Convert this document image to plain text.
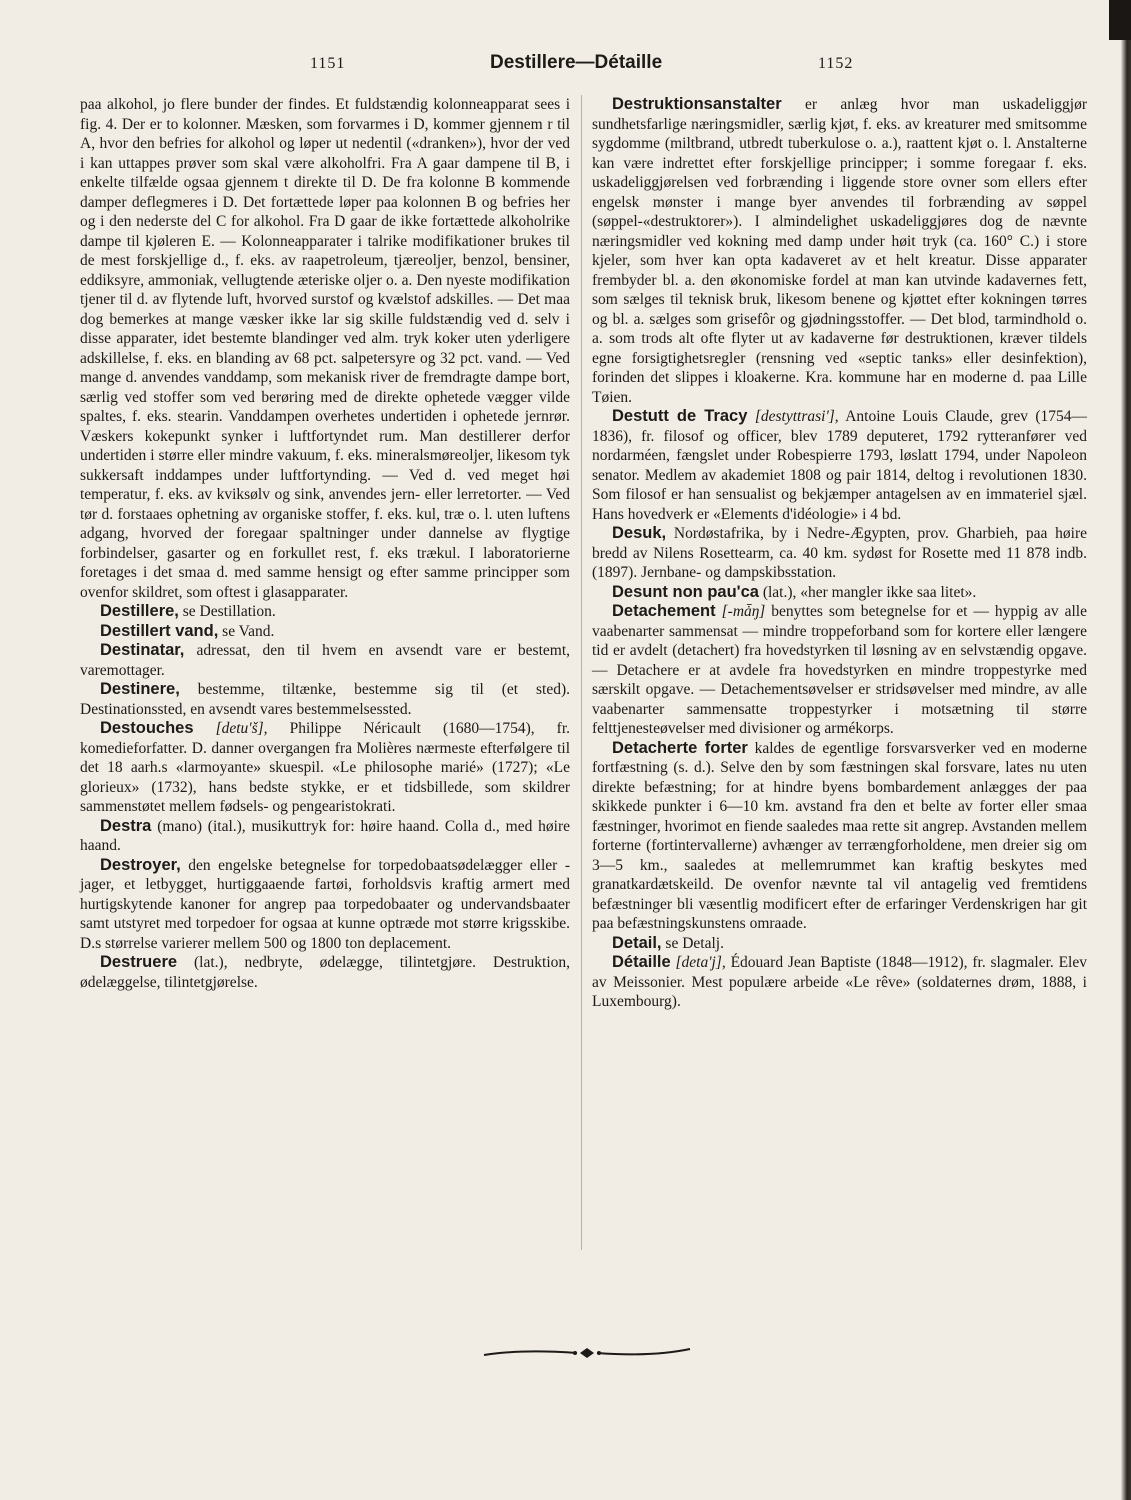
1151	Destillere—Détaille	1152

paa alkohol, jo flere bunder der findes. Et fuldstændig kolonneapparat sees i fig. 4. Der er to kolonner. Mæsken, som forvarmes i D, kommer gjennem r til A, hvor den befries for alkohol og løper ut nedentil («dranken»), hvor der ved i kan uttappes prøver som skal være alkoholfri. Fra A gaar dampene til B, i enkelte tilfælde ogsaa gjennem t direkte til D. De fra kolonne B kommende damper deflegmeres i D. Det fortættede løper paa kolonnen B og befries her og i den nederste del C for alkohol. Fra D gaar de ikke fortættede alkoholrike dampe til kjøleren E. — Kolonneapparater i talrike modifikationer brukes til de mest forskjellige d., f. eks. av raapetroleum, tjæreoljer, benzol, bensiner, eddiksyre, ammoniak, vellugtende æteriske oljer o. a. Den nyeste modifikation tjener til d. av flytende luft, hvorved surstof og kvælstof adskilles. — Det maa dog bemerkes at mange væsker ikke lar sig skille fuldstændig ved d. selv i disse apparater, idet bestemte blandinger ved alm. tryk koker uten yderligere adskillelse, f. eks. en blanding av 68 pct. salpetersyre og 32 pct. vand. — Ved mange d. anvendes vanddamp, som mekanisk river de fremdragte dampe bort, særlig ved stoffer som ved berøring med de direkte ophetede vægger vilde spaltes, f. eks. stearin. Vanddampen overhetes undertiden i ophetede jernrør. Væskers kokepunkt synker i luftfortyndet rum. Man destillerer derfor undertiden i større eller mindre vakuum, f. eks. mineralsmøreoljer, likesom tyk sukkersaft inddampes under luftfortynding. — Ved d. ved meget høi temperatur, f. eks. av kviksølv og sink, anvendes jern- eller lerretorter. — Ved tør d. forstaaes ophetning av organiske stoffer, f. eks. kul, træ o. l. uten luftens adgang, hvorved der foregaar spaltninger under dannelse av flygtige forbindelser, gasarter og en forkullet rest, f. eks trækul. I laboratorierne foretages i det smaa d. med samme hensigt og efter samme principper som ovenfor skildret, som oftest i glasapparater.

Destillere, se Destillation.

Destillert vand, se Vand.

Destinatar, adressat, den til hvem en avsendt vare er bestemt, varemottager.

Destinere, bestemme, tiltænke, bestemme sig til (et sted). Destinationssted, en avsendt vares bestemmelsessted.

Destouches [detu'š], Philippe Néricault (1680—1754), fr. komedieforfatter. D. danner overgangen fra Molières nærmeste efterfølgere til det 18 aarh.s «larmoyante» skuespil. «Le philosophe marié» (1727); «Le glorieux» (1732), hans bedste stykke, er et tidsbillede, som skildrer sammenstøtet mellem fødsels- og pengearistokrati.

Destra (mano) (ital.), musikuttryk for: høire haand. Colla d., med høire haand.

Destroyer, den engelske betegnelse for torpedobaatsødelægger eller -jager, et letbygget, hurtiggaaende fartøi, forholdsvis kraftig armert med hurtigskytende kanoner for angrep paa torpedobaater og undervandsbaater samt utstyret med torpedoer for ogsaa at kunne optræde mot større krigsskibe. D.s størrelse varierer mellem 500 og 1800 ton deplacement.

Destruere (lat.), nedbryte, ødelægge, tilintetgjøre. Destruktion, ødelæggelse, tilintetgjørelse.

Destruktionsanstalter er anlæg hvor man uskadeliggjør sundhetsfarlige næringsmidler, særlig kjøt, f. eks. av kreaturer med smitsomme sygdomme (miltbrand, utbredt tuberkulose o. a.), raattent kjøt o. l. Anstalterne kan være indrettet efter forskjellige principper; i somme foregaar f. eks. uskadeliggjørelsen ved forbrænding i liggende store ovner som ellers efter engelsk mønster i mange byer anvendes til forbrænding av søppel (søppel-«destruktorer»). I almindelighet uskadeliggjøres dog de nævnte næringsmidler ved kokning med damp under høit tryk (ca. 160° C.) i store kjeler, som hver kan opta kadaveret av et helt kreatur. Disse apparater frembyder bl. a. den økonomiske fordel at man kan utvinde kadavernes fett, som sælges til teknisk bruk, likesom benene og kjøttet efter kokningen tørres og bl. a. sælges som grisefôr og gjødningsstoffer. — Det blod, tarmindhold o. a. som trods alt ofte flyter ut av kadaverne før destruktionen, kræver tildels egne forsigtighetsregler (rensning ved «septic tanks» eller desinfektion), forinden det slippes i kloakerne. Kra. kommune har en moderne d. paa Lille Tøien.

Destutt de Tracy [destyttrasi'], Antoine Louis Claude, grev (1754—1836), fr. filosof og officer, blev 1789 deputeret, 1792 rytteranfører ved nordarméen, fængslet under Robespierre 1793, løslatt 1794, under Napoleon senator. Medlem av akademiet 1808 og pair 1814, deltog i revolutionen 1830. Som filosof er han sensualist og bekjæmper antagelsen av en immateriel sjæl. Hans hovedverk er «Elements d'idéologie» i 4 bd.

Desuk, Nordøstafrika, by i Nedre-Ægypten, prov. Gharbieh, paa høire bredd av Nilens Rosettearm, ca. 40 km. sydøst for Rosette med 11 878 indb. (1897). Jernbane- og dampskibsstation.

Desunt non pau'ca (lat.), «her mangler ikke saa litet».

Detachement [-mǡŋ] benyttes som betegnelse for et — hyppig av alle vaabenarter sammensat — mindre troppeforband som for kortere eller længere tid er avdelt (detachert) fra hovedstyrken til løsning av en selvstændig opgave. — Detachere er at avdele fra hovedstyrken en mindre troppestyrke med særskilt opgave. — Detachementsøvelser er stridsøvelser med mindre, av alle vaabenarter sammensatte troppestyrker i motsætning til større felttjenesteøvelser med divisioner og armékorps.

Detacherte forter kaldes de egentlige forsvarsverker ved en moderne fortfæstning (s. d.). Selve den by som fæstningen skal forsvare, lates nu uten direkte befæstning; for at hindre byens bombardement anlægges der paa skikkede punkter i 6—10 km. avstand fra den et belte av forter eller smaa fæstninger, hvorimot en fiende saaledes maa rette sit angrep. Avstanden mellem forterne (fortintervallerne) avhænger av terrængforholdene, men dreier sig om 3—5 km., saaledes at mellemrummet kan kraftig beskytes med granatkardætskeild. De ovenfor nævnte tal vil antagelig ved fremtidens befæstninger bli væsentlig modificert efter de erfaringer Verdenskrigen har git paa befæstningskunstens omraade.

Detail, se Detalj.

Détaille [deta'j], Édouard Jean Baptiste (1848—1912), fr. slagmaler. Elev av Meissonier. Mest populære arbeide «Le rêve» (soldaternes drøm, 1888, i Luxembourg).
